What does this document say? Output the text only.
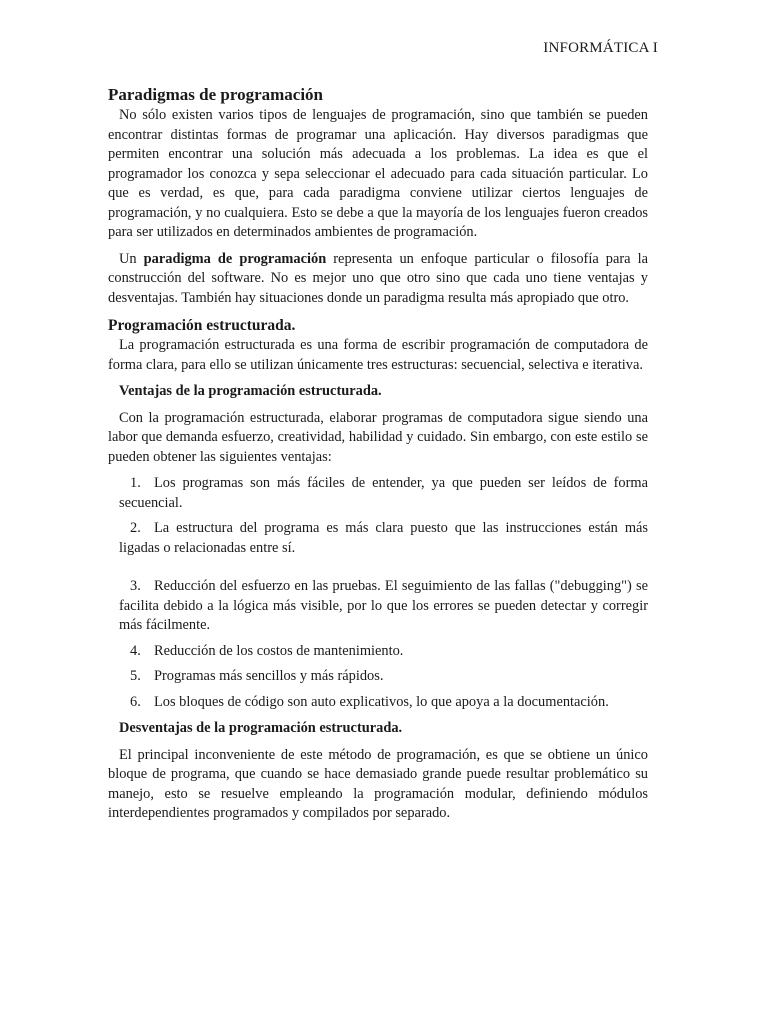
INFORMÁTICA I
Paradigmas de programación

No sólo existen varios tipos de lenguajes de programación, sino que también se pueden encontrar distintas formas de programar una aplicación. Hay diversos paradigmas que permiten encontrar una solución más adecuada a los problemas. La idea es que el programador los conozca y sepa seleccionar el adecuado para cada situación particular. Lo que es verdad, es que, para cada paradigma conviene utilizar ciertos lenguajes de programación, y no cualquiera. Esto se debe a que la mayoría de los lenguajes fueron creados para ser utilizados en determinados ambientes de programación.

Un paradigma de programación representa un enfoque particular o filosofía para la construcción del software. No es mejor uno que otro sino que cada uno tiene ventajas y desventajas. También hay situaciones donde un paradigma resulta más apropiado que otro.

Programación estructurada.

La programación estructurada es una forma de escribir programación de computadora de forma clara, para ello se utilizan únicamente tres estructuras: secuencial, selectiva e iterativa.

Ventajas de la programación estructurada.

Con la programación estructurada, elaborar programas de computadora sigue siendo una labor que demanda esfuerzo, creatividad, habilidad y cuidado. Sin embargo, con este estilo se pueden obtener las siguientes ventajas:

1. Los programas son más fáciles de entender, ya que pueden ser leídos de forma secuencial.
2. La estructura del programa es más clara puesto que las instrucciones están más ligadas o relacionadas entre sí.
3. Reducción del esfuerzo en las pruebas. El seguimiento de las fallas ("debugging") se facilita debido a la lógica más visible, por lo que los errores se pueden detectar y corregir más fácilmente.
4. Reducción de los costos de mantenimiento.
5. Programas más sencillos y más rápidos.
6. Los bloques de código son auto explicativos, lo que apoya a la documentación.
Desventajas de la programación estructurada.

El principal inconveniente de este método de programación, es que se obtiene un único bloque de programa, que cuando se hace demasiado grande puede resultar problemático su manejo, esto se resuelve empleando la programación modular, definiendo módulos interdependientes programados y compilados por separado.
